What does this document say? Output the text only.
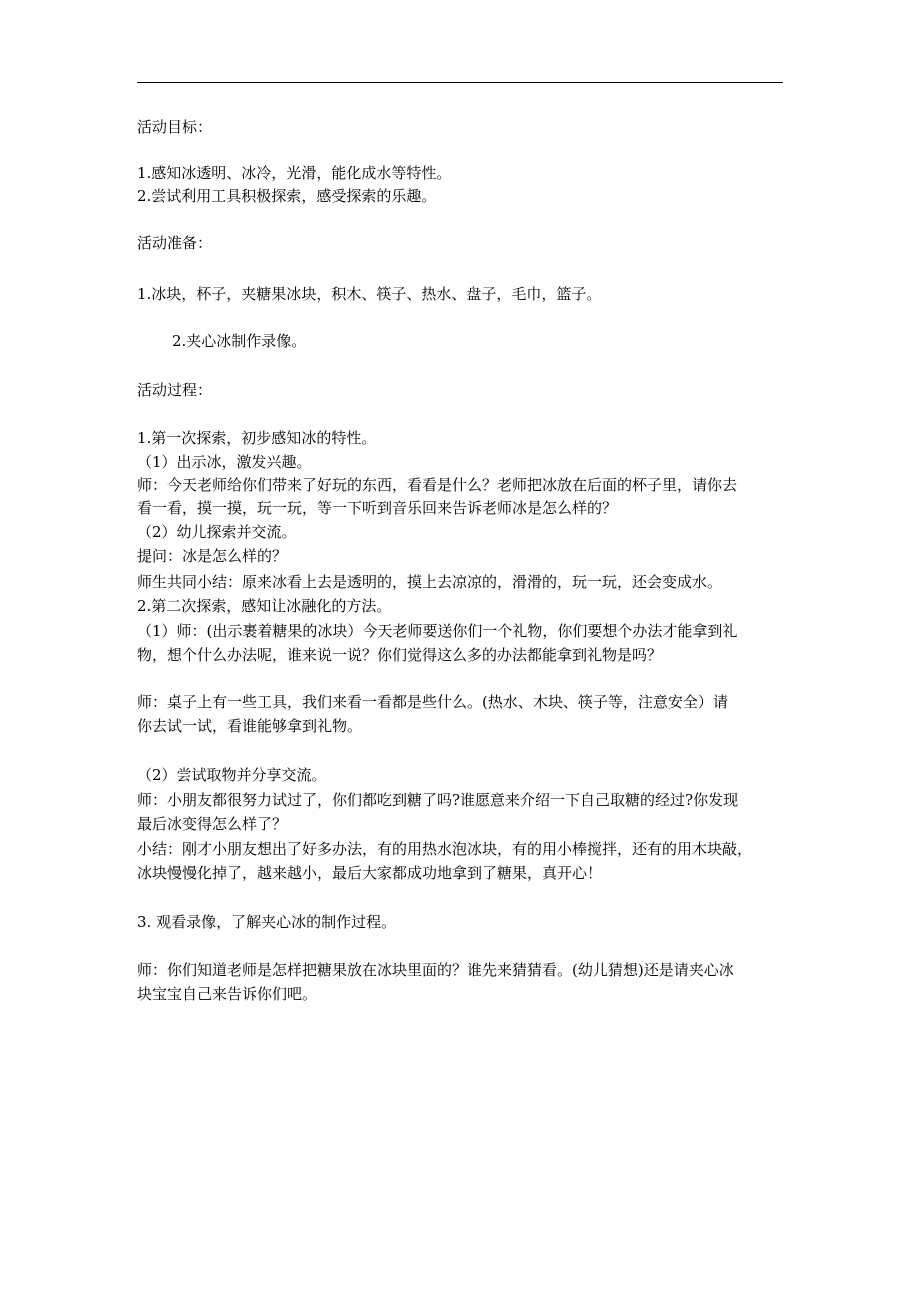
活动目标：
1.感知冰透明、冰冷，光滑，能化成水等特性。
2.尝试利用工具积极探索，感受探索的乐趣。
活动准备：
1.冰块，杯子，夹糖果冰块，积木、筷子、热水、盘子，毛巾，篮子。
2.夹心冰制作录像。
活动过程：
1.第一次探索，初步感知冰的特性。
（1）出示冰，激发兴趣。
师：今天老师给你们带来了好玩的东西，看看是什么？老师把冰放在后面的杯子里，请你去
看一看，摸一摸，玩一玩，等一下听到音乐回来告诉老师冰是怎么样的？
（2）幼儿探索并交流。
提问：冰是怎么样的？
师生共同小结：原来冰看上去是透明的，摸上去凉凉的，滑滑的，玩一玩，还会变成水。
2.第二次探索，感知让冰融化的方法。
（1）师：(出示裹着糖果的冰块）今天老师要送你们一个礼物，你们要想个办法才能拿到礼
物，想个什么办法呢，谁来说一说？你们觉得这么多的办法都能拿到礼物是吗？
师：桌子上有一些工具，我们来看一看都是些什么。(热水、木块、筷子等，注意安全）请
你去试一试，看谁能够拿到礼物。
（2）尝试取物并分享交流。
师：小朋友都很努力试过了，你们都吃到糖了吗?谁愿意来介绍一下自己取糖的经过?你发现
最后冰变得怎么样了？
小结：刚才小朋友想出了好多办法，有的用热水泡冰块，有的用小棒搅拌，还有的用木块敲，
冰块慢慢化掉了，越来越小，最后大家都成功地拿到了糖果，真开心！
3. 观看录像，了解夹心冰的制作过程。
师：你们知道老师是怎样把糖果放在冰块里面的？谁先来猜猜看。(幼儿猜想)还是请夹心冰
块宝宝自己来告诉你们吧。
